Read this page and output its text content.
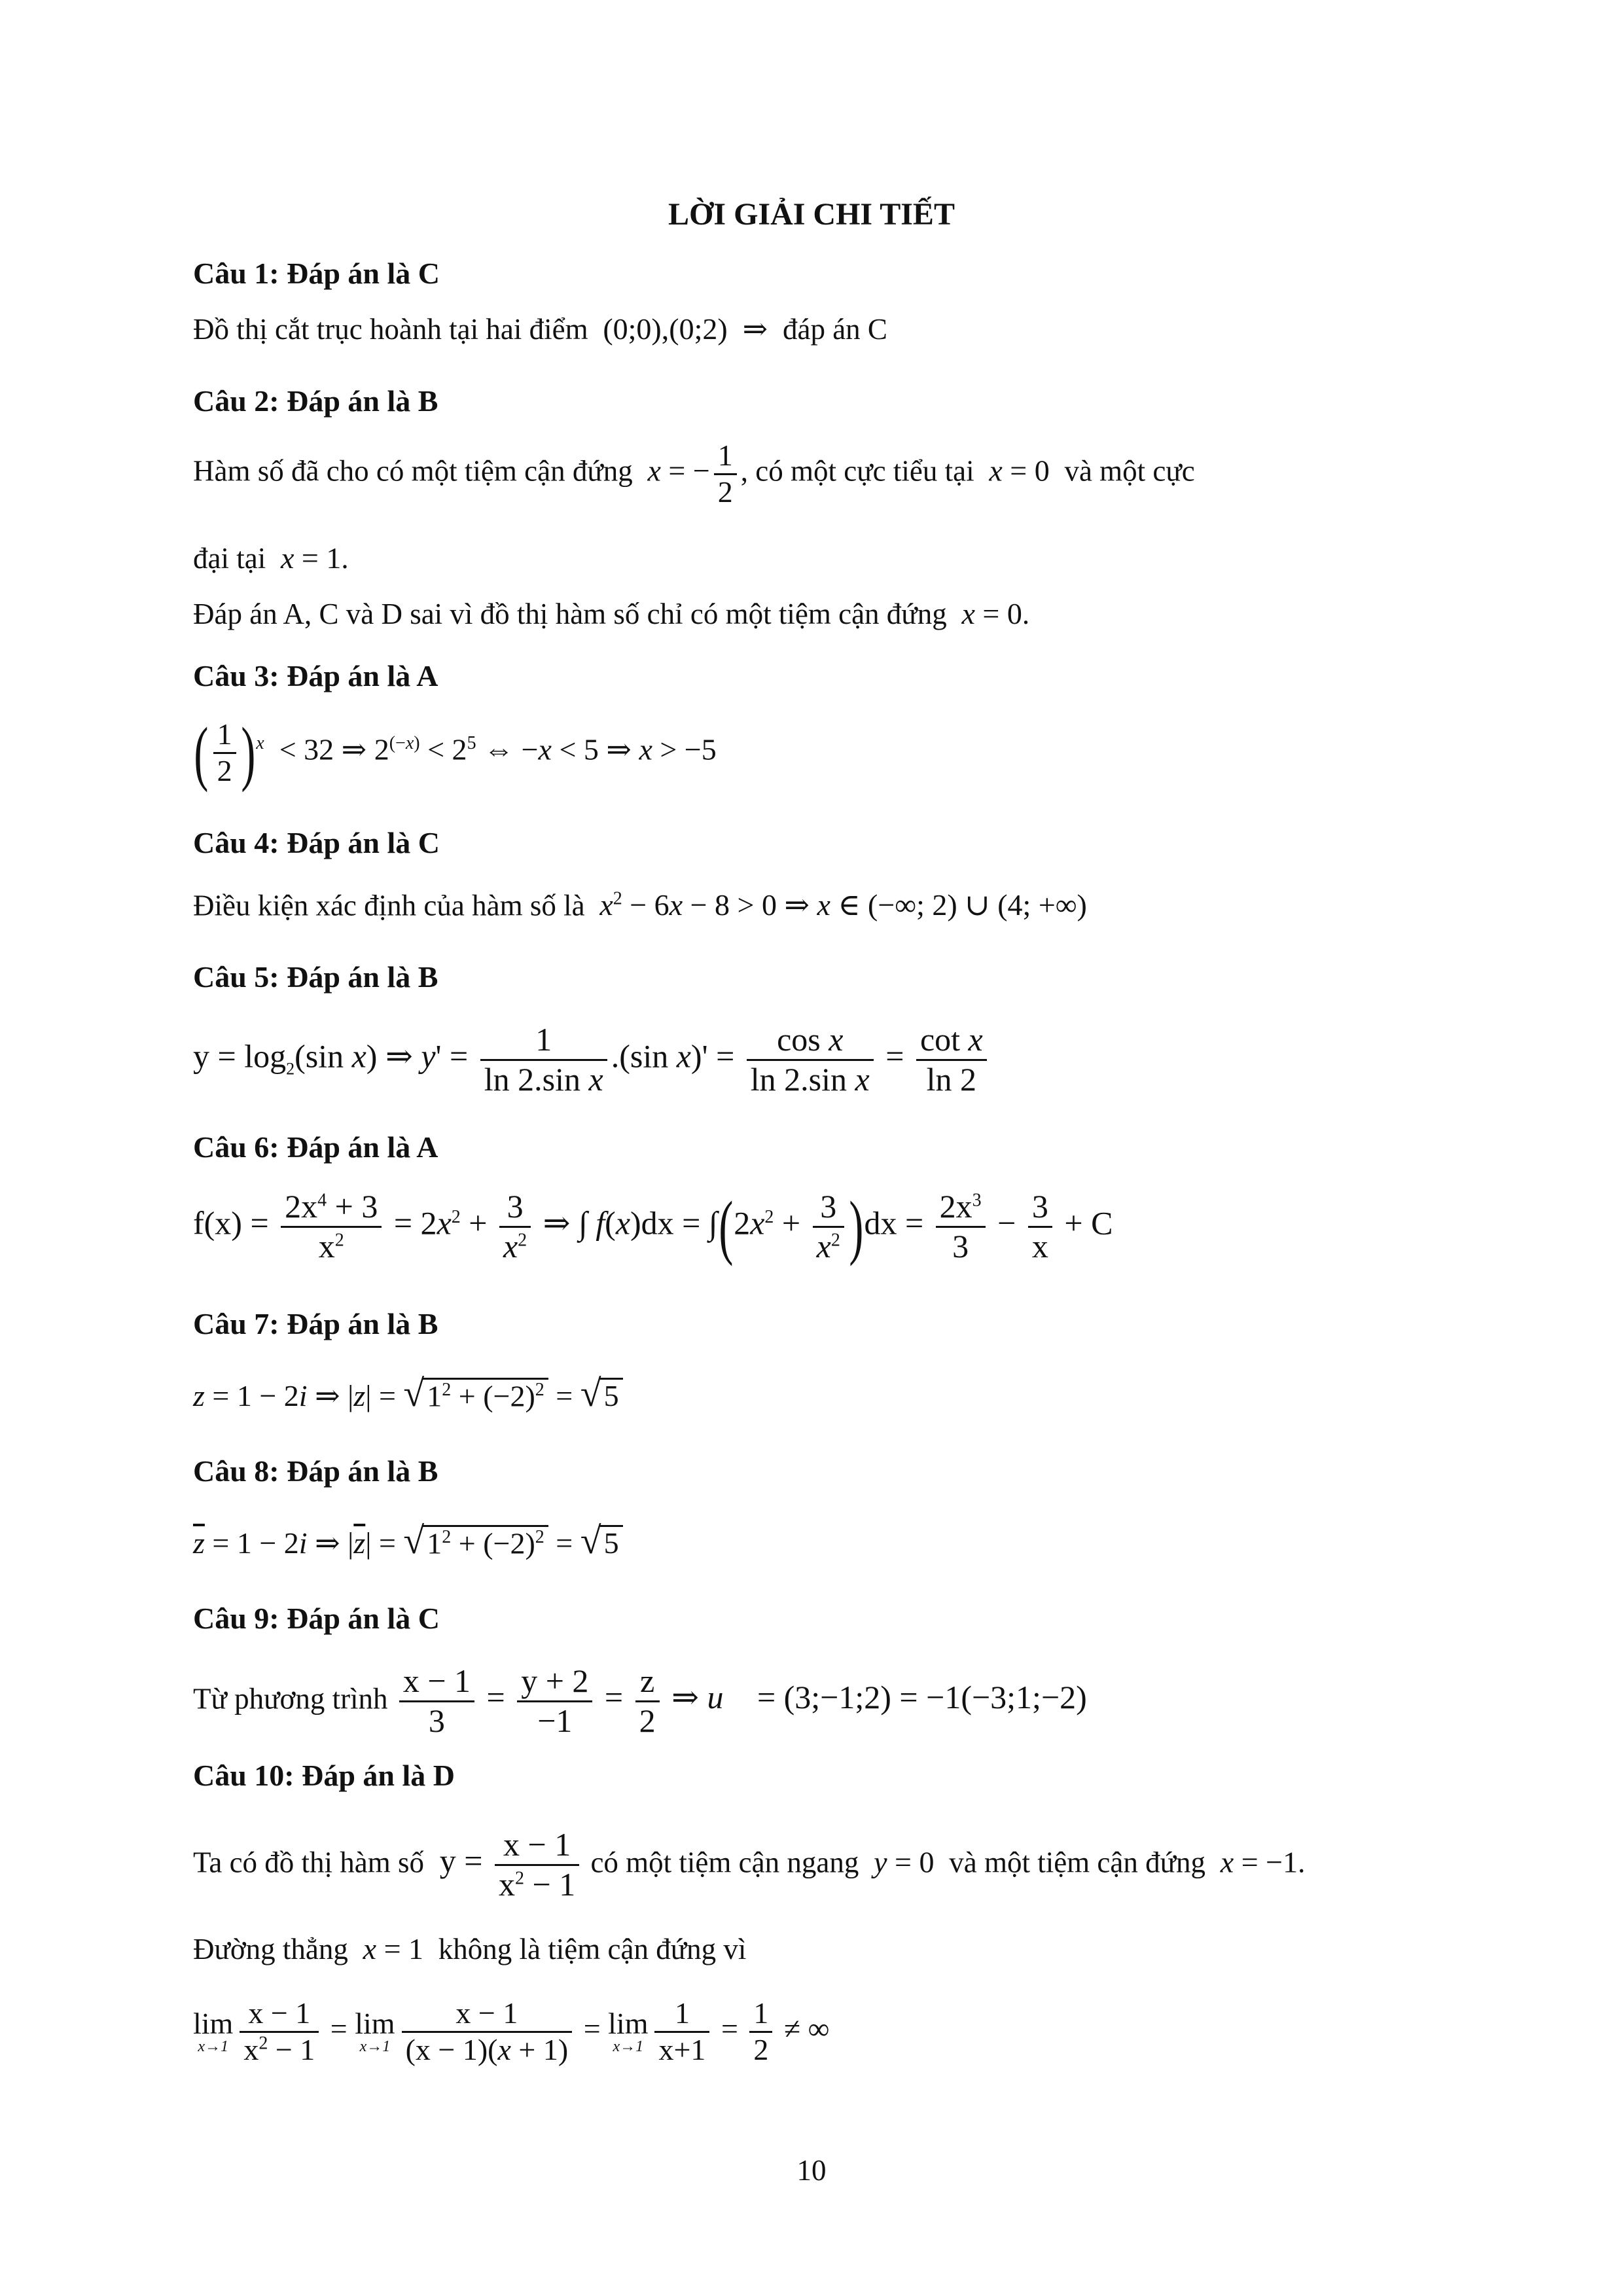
LỜI GIẢI CHI TIẾT
Câu 1: Đáp án là C
Đồ thị cắt trục hoành tại hai điểm  (0;0),(0;2)  ⇒  đáp án C
Câu 2: Đáp án là B
Hàm số đã cho có một tiệm cận đứng x = − $\frac{1}{2}$ , có một cực tiểu tại x = 0  và một cực
đại tại x = 1.
Đáp án A, C và D sai vì đồ thị hàm số chỉ có một tiệm cận đứng x = 0.
Câu 3: Đáp án là A
( $\frac{1}{2} )^x < 32$ ⇒ $2^{(-x)} < 2^5$ ⇔ −x < 5 ⇒ x > −5
Câu 4: Đáp án là C
Điều kiện xác định của hàm số là $x^2 - 6x - 8 > 0$ ⇒ x ∈ (−∞; 2) ∪ (4; +∞)
Câu 5: Đáp án là B
$y = \log_2(\sin$ x) ⇒ $y' = \frac{1}{\text{ln 2.sin x}} .(\sin$ $x)' = \frac{\text{cos x}}{\text{ln 2.sin x}} = \frac{\text{cot x}}{\ln 2}$
Câu 6: Đáp án là A
$f(x) = \frac{2x^4 + 3}{x^2} = 2x^2 + \frac{3}{x^2}$ ⇒ ∫ $f(x)dx = \int(2x^2 + \frac{3}{x^2} )dx = \frac{2x^3}{3} - \frac{3}{x} + C$
Câu 7: Đáp án là B
z = 1 − 2i ⇒ $|z| = √1^2 + (-2)^2 = √5$
Câu 8: Đáp án là B
$\overline{z} = 1 - 2i$ ⇒ $|\overline{z}| = √1^2 + (-2)^2 = √5$
Câu 9: Đáp án là C
Từ phương trình $\frac{x - 1}{3} = \frac{y + 2}{-1} = \frac{z}{2}$ ⇒ u⃗ = (3;−1;2) = −1(−3;1;−2)
Câu 10: Đáp án là D
Ta có đồ thị hàm số  $y = \frac{x - 1}{x^2 - 1}$ có một tiệm cận ngang y = 0  và một tiệm cận đứng x = −1.
Đường thẳng x = 1  không là tiệm cận đứng vì
lim
$x\to 1 \frac{x - 1}{x^2 - 1} = \lim$
$x\to 1 \frac{x - 1}{(x - 1)(x + 1)} = \lim$
$x\to 1 \frac{1}{x+1} = \frac{1}{2}$ ≠ ∞
10
